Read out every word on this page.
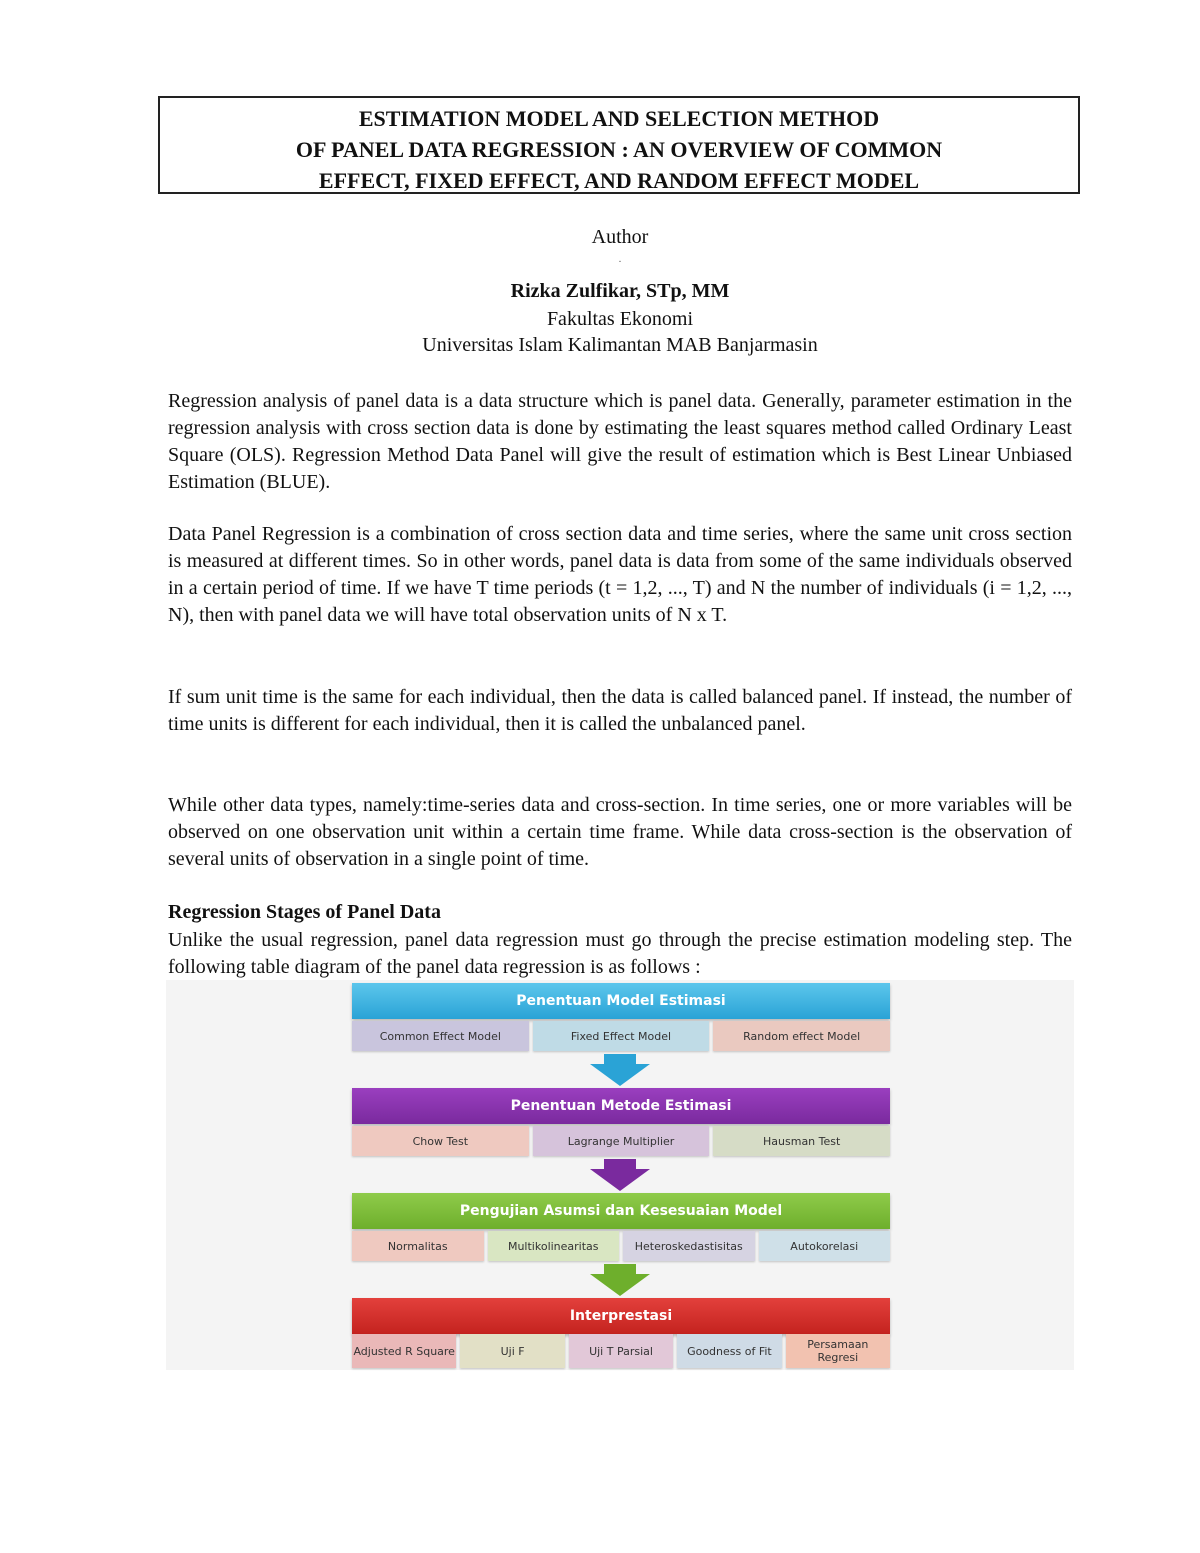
ESTIMATION MODEL AND SELECTION METHOD
OF PANEL DATA REGRESSION : AN OVERVIEW OF COMMON
EFFECT, FIXED EFFECT, AND RANDOM EFFECT MODEL
Author
.
Rizka Zulfikar, STp, MM
Fakultas Ekonomi
Universitas Islam Kalimantan MAB Banjarmasin

Regression analysis of panel data is a data structure which is panel data. Generally, parameter estimation in the regression analysis with cross section data is done by estimating the least squares method called Ordinary Least Square (OLS). Regression Method Data Panel will give the result of estimation which is Best Linear Unbiased Estimation (BLUE).

Data Panel Regression is a combination of cross section data and time series, where the same unit cross section is measured at different times. So in other words, panel data is data from some of the same individuals observed in a certain period of time. If we have T time periods (t = 1,2, ..., T) and N the number of individuals (i = 1,2, ..., N), then with panel data we will have total observation units of N x T.

If sum unit time is the same for each individual, then the data is called balanced panel. If instead, the number of time units is different for each individual, then it is called the unbalanced panel.

While other data types, namely:time-series data and cross-section. In time series, one or more variables will be observed on one observation unit within a certain time frame. While data cross-section is the observation of several units of observation in a single point of time.

Regression Stages of Panel Data

Unlike the usual regression, panel data regression must go through the precise estimation modeling step. The following table diagram of the panel data regression is as follows :

Penentuan Model Estimasi
Common Effect Model	Fixed Effect Model	Random effect Model
Penentuan Metode Estimasi
Chow Test	Lagrange Multiplier	Hausman Test
Pengujian Asumsi dan Kesesuaian Model
Normalitas	Multikolinearitas	Heteroskedastisitas	Autokorelasi
Interprestasi
Adjusted R Square	Uji F	Uji T Parsial	Goodness of Fit	Persamaan Regresi
